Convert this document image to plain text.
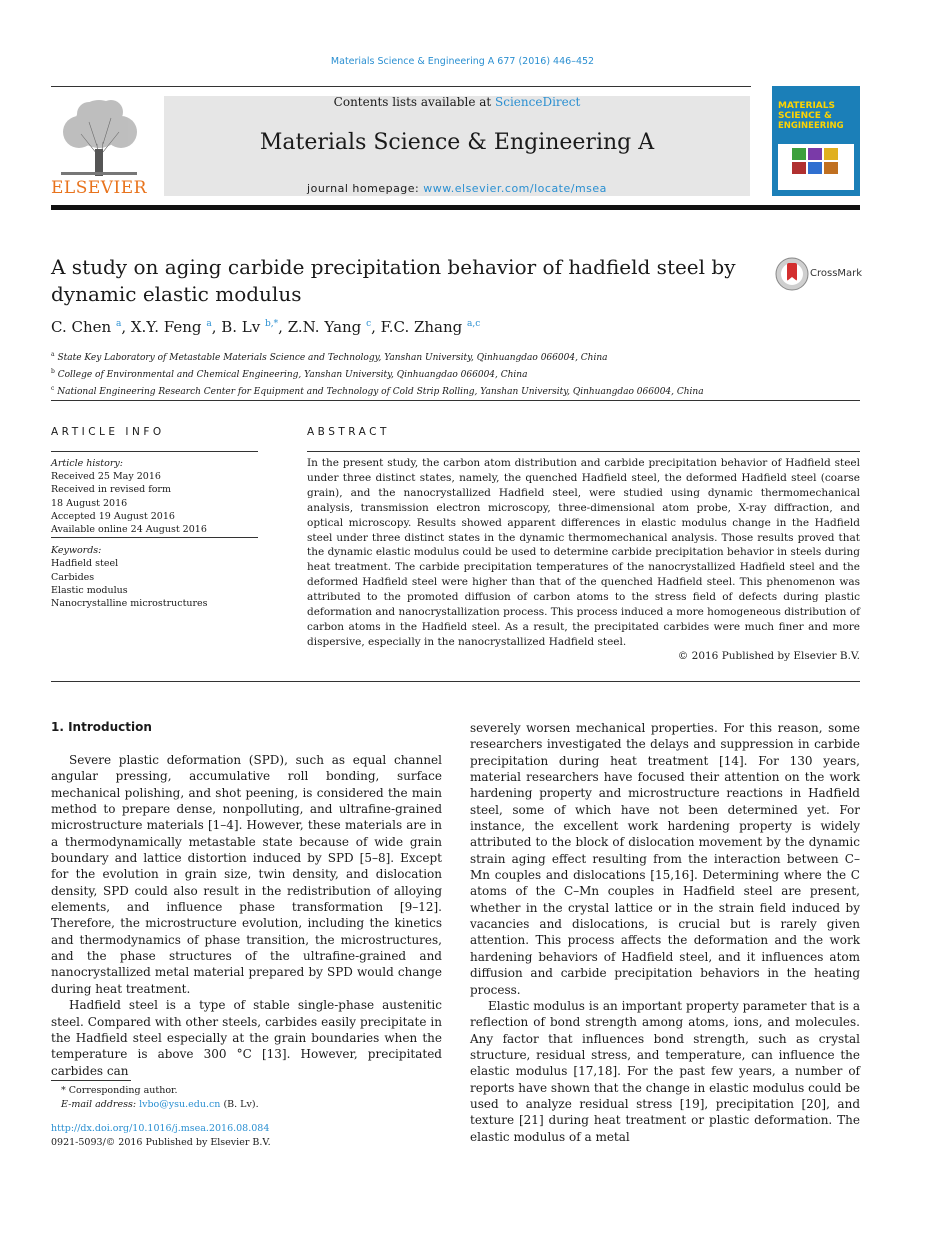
Materials Science & Engineering A 677 (2016) 446–452
ELSEVIER
Contents lists available at ScienceDirect
Materials Science & Engineering A
journal homepage: www.elsevier.com/locate/msea
MATERIALS
SCIENCE &
ENGINEERING
A study on aging carbide precipitation behavior of hadfield steel by dynamic elastic modulus
CrossMark
C. Chen $^a$, X.Y. Feng $^a$, B. Lv $^{b,*}$, Z.N. Yang $^c$, F.C. Zhang $^{a,c}$
$^a$ State Key Laboratory of Metastable Materials Science and Technology, Yanshan University, Qinhuangdao 066004, China
$^b$ College of Environmental and Chemical Engineering, Yanshan University, Qinhuangdao 066004, China
$^c$ National Engineering Research Center for Equipment and Technology of Cold Strip Rolling, Yanshan University, Qinhuangdao 066004, China
ARTICLE INFO	ABSTRACT
Article history:
Received 25 May 2016
Received in revised form
18 August 2016
Accepted 19 August 2016
Available online 24 August 2016
Keywords:
Hadfield steel
Carbides
Elastic modulus
Nanocrystalline microstructures
In the present study, the carbon atom distribution and carbide precipitation behavior of Hadfield steel under three distinct states, namely, the quenched Hadfield steel, the deformed Hadfield steel (coarse grain), and the nanocrystallized Hadfield steel, were studied using dynamic thermomechanical analysis, transmission electron microscopy, three-dimensional atom probe, X-ray diffraction, and optical microscopy. Results showed apparent differences in elastic modulus change in the Hadfield steel under three distinct states in the dynamic thermomechanical analysis. Those results proved that the dynamic elastic modulus could be used to determine carbide precipitation behavior in steels during heat treatment. The carbide precipitation temperatures of the nanocrystallized Hadfield steel and the deformed Hadfield steel were higher than that of the quenched Hadfield steel. This phenomenon was attributed to the promoted diffusion of carbon atoms to the stress field of defects during plastic deformation and nanocrystallization process. This process induced a more homogeneous distribution of carbon atoms in the Hadfield steel. As a result, the precipitated carbides were much finer and more dispersive, especially in the nanocrystallized Hadfield steel.
© 2016 Published by Elsevier B.V.
1. Introduction

Severe plastic deformation (SPD), such as equal channel angular pressing, accumulative roll bonding, surface mechanical polishing, and shot peening, is considered the main method to prepare dense, nonpolluting, and ultrafine-grained microstructure materials [1–4]. However, these materials are in a thermodynamically metastable state because of wide grain boundary and lattice distortion induced by SPD [5–8]. Except for the evolution in grain size, twin density, and dislocation density, SPD could also result in the redistribution of alloying elements, and influence phase transformation [9–12]. Therefore, the microstructure evolution, including the kinetics and thermodynamics of phase transition, the microstructures, and the phase structures of the ultrafine-grained and nanocrystallized metal material prepared by SPD would change during heat treatment.

Hadfield steel is a type of stable single-phase austenitic steel. Compared with other steels, carbides easily precipitate in the Hadfield steel especially at the grain boundaries when the temperature is above 300 °C [13]. However, precipitated carbides can

severely worsen mechanical properties. For this reason, some researchers investigated the delays and suppression in carbide precipitation during heat treatment [14]. For 130 years, material researchers have focused their attention on the work hardening property and microstructure reactions in Hadfield steel, some of which have not been determined yet. For instance, the excellent work hardening property is widely attributed to the block of dislocation movement by the dynamic strain aging effect resulting from the interaction between C–Mn couples and dislocations [15,16]. Determining where the C atoms of the C–Mn couples in Hadfield steel are present, whether in the crystal lattice or in the strain field induced by vacancies and dislocations, is crucial but is rarely given attention. This process affects the deformation and the work hardening behaviors of Hadfield steel, and it influences atom diffusion and carbide precipitation behaviors in the heating process.

Elastic modulus is an important property parameter that is a reflection of bond strength among atoms, ions, and molecules. Any factor that influences bond strength, such as crystal structure, residual stress, and temperature, can influence the elastic modulus [17,18]. For the past few years, a number of reports have shown that the change in elastic modulus could be used to analyze residual stress [19], precipitation [20], and texture [21] during heat treatment or plastic deformation. The elastic modulus of a metal

* Corresponding author.
E-mail address: lvbo@ysu.edu.cn (B. Lv).
http://dx.doi.org/10.1016/j.msea.2016.08.084
0921-5093/© 2016 Published by Elsevier B.V.
